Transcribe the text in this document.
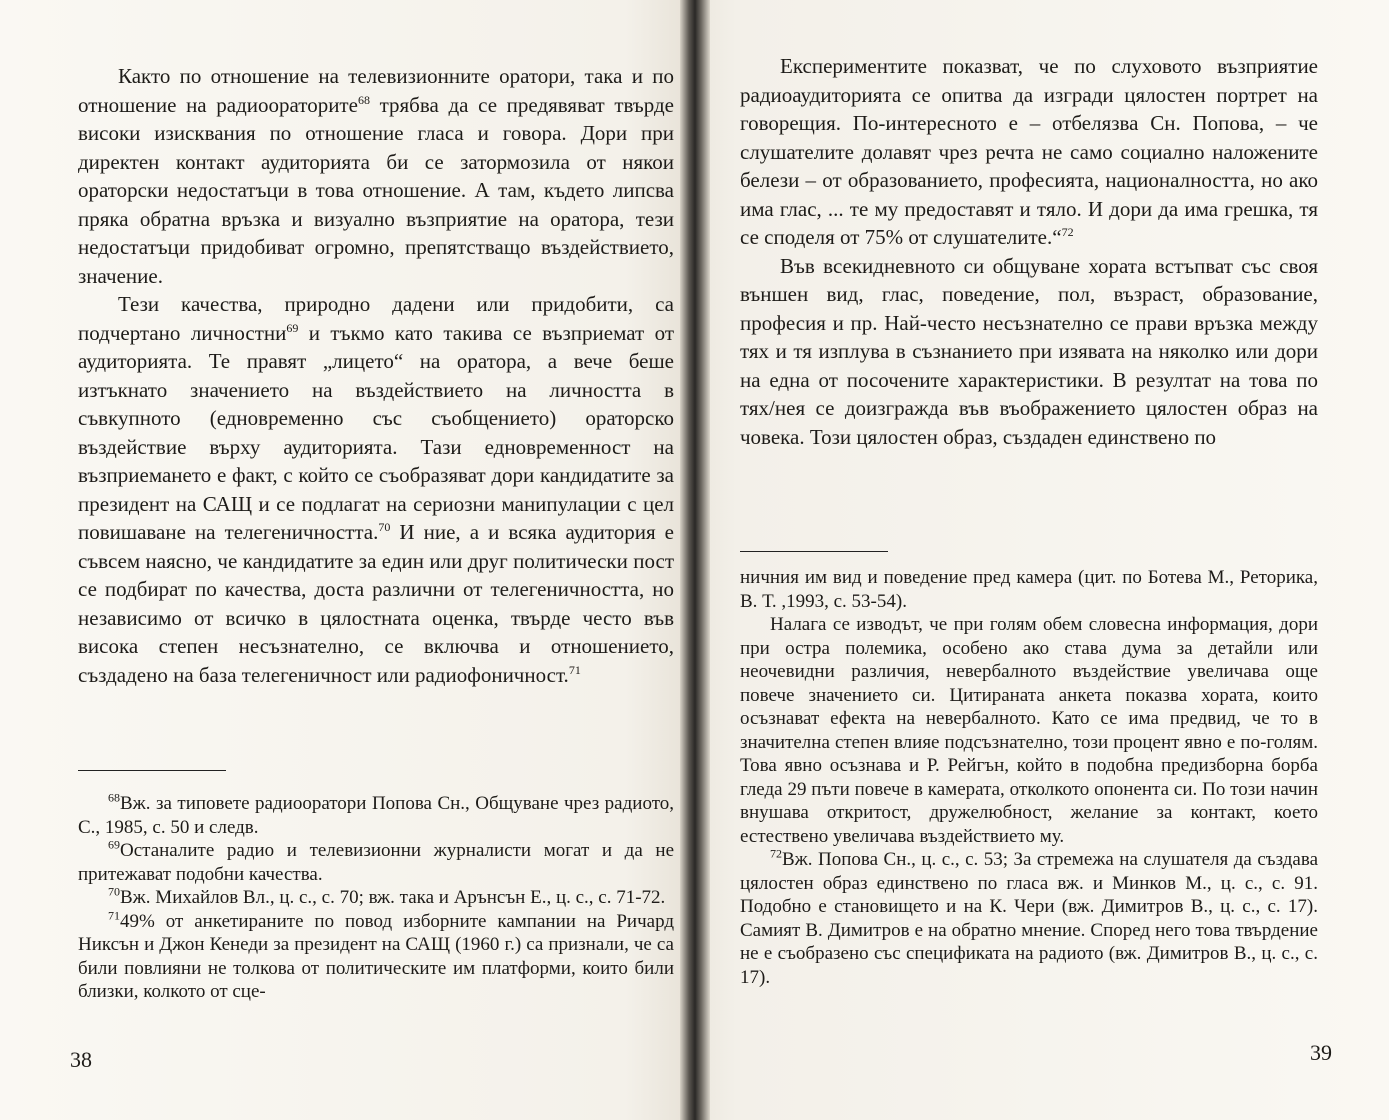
Както по отношение на телевизионните оратори, така и по отношение на радиоораторите$^{68}$ трябва да се предявяват твърде високи изисквания по отношение гласа и говора. Дори при директен контакт аудиторията би се затормозила от някои ораторски недостатъци в това отношение. А там, където липсва пряка обратна връзка и визуално възприятие на оратора, тези недостатъци придобиват огромно, препятстващо въздействието, значение.

Тези качества, природно дадени или придобити, са подчертано личностни$^{69}$ и тъкмо като такива се възприемат от аудиторията. Те правят „лицето“ на оратора, а вече беше изтъкнато значението на въздействието на личността в съвкупното (едновременно със съобщението) ораторско въздействие върху аудиторията. Тази едновременност на възприемането е факт, с който се съобразяват дори кандидатите за президент на САЩ и се подлагат на сериозни манипулации с цел повишаване на телегеничността.$^{70}$ И ние, а и всяка аудитория е съвсем наясно, че кандидатите за един или друг политически пост се подбират по качества, доста различни от телегеничността, но независимо от всичко в цялостната оценка, твърде често във висока степен несъзнателно, се включва и отношението, създадено на база телегеничност или радиофоничност.$^{71}$

$^{68}$Вж. за типовете радиооратори Попова Сн., Общуване чрез радиото, С., 1985, с. 50 и следв.

$^{69}$Останалите радио и телевизионни журналисти могат и да не притежават подобни качества.

$^{70}$Вж. Михайлов Вл., ц. с., с. 70; вж. така и Арънсън Е., ц. с., с. 71-72.

$^{71}$49% от анкетираните по повод изборните кампании на Ричард Никсън и Джон Кенеди за президент на САЩ (1960 г.) са признали, че са били повлияни не толкова от политическите им платформи, които били близки, колкото от сце-

38

Експериментите показват, че по слуховото възприятие радиоаудиторията се опитва да изгради цялостен портрет на говорещия. По-интересното е – отбелязва Сн. Попова, – че слушателите долавят чрез речта не само социално наложените белези – от образованието, професията, националността, но ако има глас, ... те му предоставят и тяло. И дори да има грешка, тя се споделя от 75% от слушателите.“$^{72}$

Във всекидневното си общуване хората встъпват със своя външен вид, глас, поведение, пол, възраст, образование, професия и пр. Най-често несъзнателно се прави връзка между тях и тя изплува в съзнанието при изявата на няколко или дори на една от посочените характеристики. В резултат на това по тях/нея се доизгражда във въображението цялостен образ на човека. Този цялостен образ, създаден единствено по

ничния им вид и поведение пред камера (цит. по Ботева М., Реторика, В. Т. ,1993, с. 53-54).

Налага се изводът, че при голям обем словесна информация, дори при остра полемика, особено ако става дума за детайли или неочевидни различия, невербалното въздействие увеличава още повече значението си. Цитираната анкета показва хората, които осъзнават ефекта на невербалното. Като се има предвид, че то в значителна степен влияе подсъзнателно, този процент явно е по-голям. Това явно осъзнава и Р. Рейгън, който в подобна предизборна борба гледа 29 пъти повече в камерата, отколкото опонента си. По този начин внушава откритост, дружелюбност, желание за контакт, което естествено увеличава въздействието му.

$^{72}$Вж. Попова Сн., ц. с., с. 53; За стремежа на слушателя да създава цялостен образ единствено по гласа вж. и Минков М., ц. с., с. 91. Подобно е становището и на К. Чери (вж. Димитров В., ц. с., с. 17). Самият В. Димитров е на обратно мнение. Според него това твърдение не е съобразено със спецификата на радиото (вж. Димитров В., ц. с., с. 17).

39
